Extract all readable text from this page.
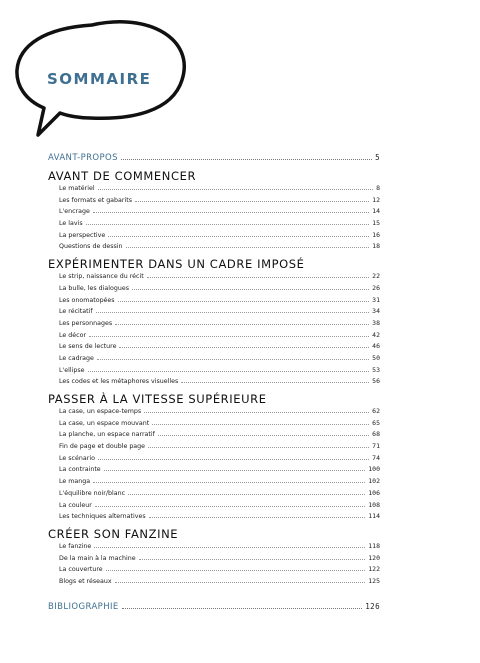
SOMMAIRE
AVANT-PROPOS	5
AVANT DE COMMENCER
Le matériel	8
Les formats et gabarits	12
L'encrage	14
Le lavis	15
La perspective	16
Questions de dessin	18
EXPÉRIMENTER DANS UN CADRE IMPOSÉ
Le strip, naissance du récit	22
La bulle, les dialogues	26
Les onomatopées	31
Le récitatif	34
Les personnages	38
Le décor	42
Le sens de lecture	46
Le cadrage	50
L'ellipse	53
Les codes et les métaphores visuelles	56
PASSER À LA VITESSE SUPÉRIEURE
La case, un espace-temps	62
La case, un espace mouvant	65
La planche, un espace narratif	68
Fin de page et double page	71
Le scénario	74
La contrainte	100
Le manga	102
L'équilibre noir/blanc	106
La couleur	108
Les techniques alternatives	114
CRÉER SON FANZINE
Le fanzine	118
De la main à la machine	120
La couverture	122
Blogs et réseaux	125
BIBLIOGRAPHIE	126
